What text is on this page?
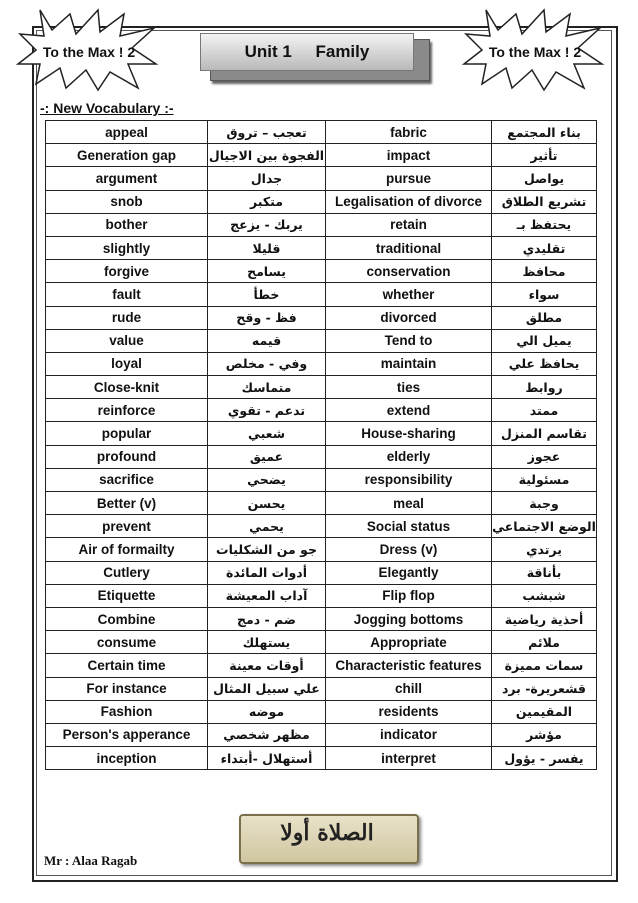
To the Max ! 2	To the Max ! 2
Unit 1     Family
-: New Vocabulary :-
appeal	تعجب – تروق	fabric	بناء المجتمع
Generation gap	الفجوة بين الاجيال	impact	تأثير
argument	جدال	pursue	يواصل
snob	متكبر	Legalisation of divorce	تشريع الطلاق
bother	يربك - يزعج	retain	يحتفظ بـ
slightly	قليلا	traditional	تقليدي
forgive	يسامح	conservation	محافظ
fault	خطأ	whether	سواء
rude	فظ - وقح	divorced	مطلق
value	قيمه	Tend to	يميل الي
loyal	وفي - مخلص	maintain	يحافظ علي
Close-knit	متماسك	ties	روابط
reinforce	تدعم - تقوي	extend	ممتد
popular	شعبي	House-sharing	تقاسم المنزل
profound	عميق	elderly	عجوز
sacrifice	يضحي	responsibility	مسئولية
Better (v)	يحسن	meal	وجبة
prevent	يحمي	Social status	الوضع الاجتماعي
Air of formailty	جو من الشكليات	Dress (v)	يرتدي
Cutlery	أدوات المائدة	Elegantly	بأناقة
Etiquette	آداب المعيشة	Flip flop	شبشب
Combine	ضم - دمج	Jogging bottoms	أحذية رياضية
consume	يستهلك	Appropriate	ملائم
Certain time	أوقات معينة	Characteristic features	سمات مميزة
For instance	علي سبيل المثال	chill	قشعريرة- برد
Fashion	موضه	residents	المقيمين
Person's apperance	مظهر شخصي	indicator	مؤشر
inception	أستهلال -أبتداء	interpret	يفسر - يؤول
الصلاة أولا
Mr : Alaa Ragab
